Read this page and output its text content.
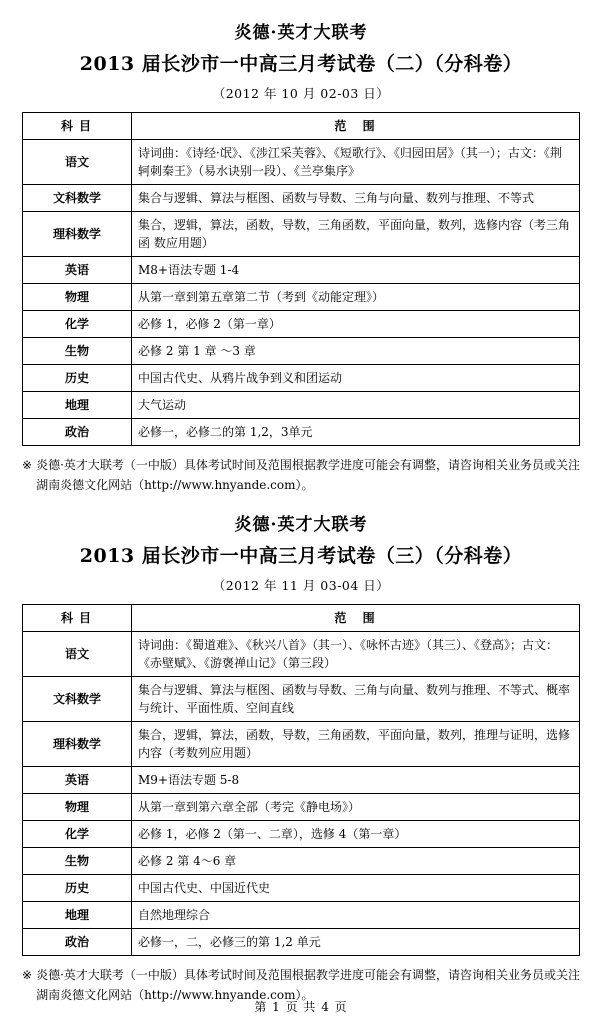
炎德·英才大联考
2013 届长沙市一中高三月考试卷（二）（分科卷）
（2012 年 10 月 02-03 日）
科目	范 围
语文	诗词曲：《诗经·氓》、《涉江采芙蓉》、《短歌行》、《归园田居》（其一）；古文：《荆轲刺秦王》（易水诀别一段）、《兰亭集序》
文科数学	集合与逻辑、算法与框图、函数与导数、三角与向量、数列与推理、不等式
理科数学	集合，逻辑，算法，函数，导数，三角函数，平面向量，数列，选修内容（考三角函 数应用题）
英语	M8+语法专题 1-4
物理	从第一章到第五章第二节（考到《动能定理》）
化学	必修 1，必修 2（第一章）
生物	必修 2 第 1 章 ～3 章
历史	中国古代史、从鸦片战争到义和团运动
地理	大气运动
政治	必修一，必修二的第 1,2，3单元
※ 炎德·英才大联考（一中版）具体考试时间及范围根据教学进度可能会有调整，请咨询相关业务员或关注湖南炎德文化网站（http://www.hnyande.com）。
炎德·英才大联考
2013 届长沙市一中高三月考试卷（三）（分科卷）
（2012 年 11 月 03-04 日）
科目	范 围
语文	诗词曲：《蜀道难》、《秋兴八首》（其一）、《咏怀古迹》（其三）、《登高》；古文：《赤壁赋》、《游褒禅山记》（第三段）
文科数学	集合与逻辑、算法与框图、函数与导数、三角与向量、数列与推理、不等式、概率与统计、平面性质、空间直线
理科数学	集合，逻辑，算法，函数，导数，三角函数，平面向量，数列，推理与证明，选修内容（考数列应用题）
英语	M9+语法专题 5-8
物理	从第一章到第六章全部（考完《静电场》）
化学	必修 1，必修 2（第一、二章），选修 4（第一章）
生物	必修 2 第 4～6 章
历史	中国古代史、中国近代史
地理	自然地理综合
政治	必修一，二，必修三的第 1,2 单元
※ 炎德·英才大联考（一中版）具体考试时间及范围根据教学进度可能会有调整，请咨询相关业务员或关注湖南炎德文化网站（http://www.hnyande.com）。
第 1 页 共 4 页
